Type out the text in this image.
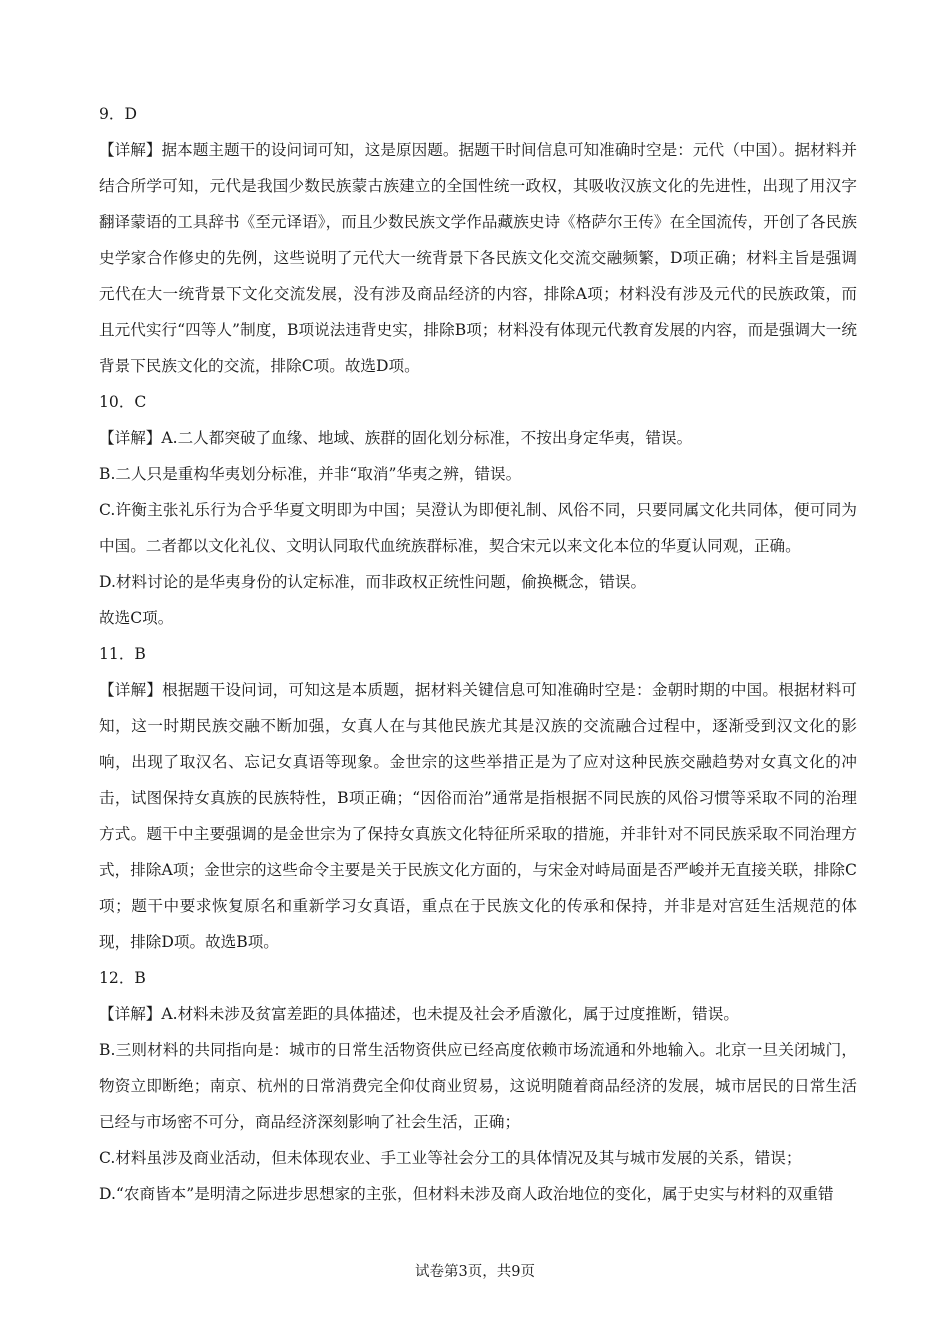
9．D

【详解】据本题主题干的设问词可知，这是原因题。据题干时间信息可知准确时空是：元代（中国）。据材料并结合所学可知，元代是我国少数民族蒙古族建立的全国性统一政权，其吸收汉族文化的先进性，出现了用汉字翻译蒙语的工具辞书《至元译语》，而且少数民族文学作品藏族史诗《格萨尔王传》在全国流传，开创了各民族史学家合作修史的先例，这些说明了元代大一统背景下各民族文化交流交融频繁，D项正确；材料主旨是强调元代在大一统背景下文化交流发展，没有涉及商品经济的内容，排除A项；材料没有涉及元代的民族政策，而且元代实行“四等人”制度，B项说法违背史实，排除B项；材料没有体现元代教育发展的内容，而是强调大一统背景下民族文化的交流，排除C项。故选D项。

10．C

【详解】A.二人都突破了血缘、地域、族群的固化划分标准，不按出身定华夷，错误。

B.二人只是重构华夷划分标准，并非“取消”华夷之辨，错误。

C.许衡主张礼乐行为合乎华夏文明即为中国；吴澄认为即便礼制、风俗不同，只要同属文化共同体，便可同为中国。二者都以文化礼仪、文明认同取代血统族群标准，契合宋元以来文化本位的华夏认同观，正确。

D.材料讨论的是华夷身份的认定标准，而非政权正统性问题，偷换概念，错误。

故选C项。

11．B

【详解】根据题干设问词，可知这是本质题，据材料关键信息可知准确时空是：金朝时期的中国。根据材料可知，这一时期民族交融不断加强，女真人在与其他民族尤其是汉族的交流融合过程中，逐渐受到汉文化的影响，出现了取汉名、忘记女真语等现象。金世宗的这些举措正是为了应对这种民族交融趋势对女真文化的冲击，试图保持女真族的民族特性，B项正确；“因俗而治”通常是指根据不同民族的风俗习惯等采取不同的治理方式。题干中主要强调的是金世宗为了保持女真族文化特征所采取的措施，并非针对不同民族采取不同治理方式，排除A项；金世宗的这些命令主要是关于民族文化方面的，与宋金对峙局面是否严峻并无直接关联，排除C项；题干中要求恢复原名和重新学习女真语，重点在于民族文化的传承和保持，并非是对宫廷生活规范的体现，排除D项。故选B项。

12．B

【详解】A.材料未涉及贫富差距的具体描述，也未提及社会矛盾激化，属于过度推断，错误。

B.三则材料的共同指向是：城市的日常生活物资供应已经高度依赖市场流通和外地输入。北京一旦关闭城门，物资立即断绝；南京、杭州的日常消费完全仰仗商业贸易，这说明随着商品经济的发展，城市居民的日常生活已经与市场密不可分，商品经济深刻影响了社会生活，正确；

C.材料虽涉及商业活动，但未体现农业、手工业等社会分工的具体情况及其与城市发展的关系，错误；

D.“农商皆本”是明清之际进步思想家的主张，但材料未涉及商人政治地位的变化，属于史实与材料的双重错

试卷第3页，共9页
